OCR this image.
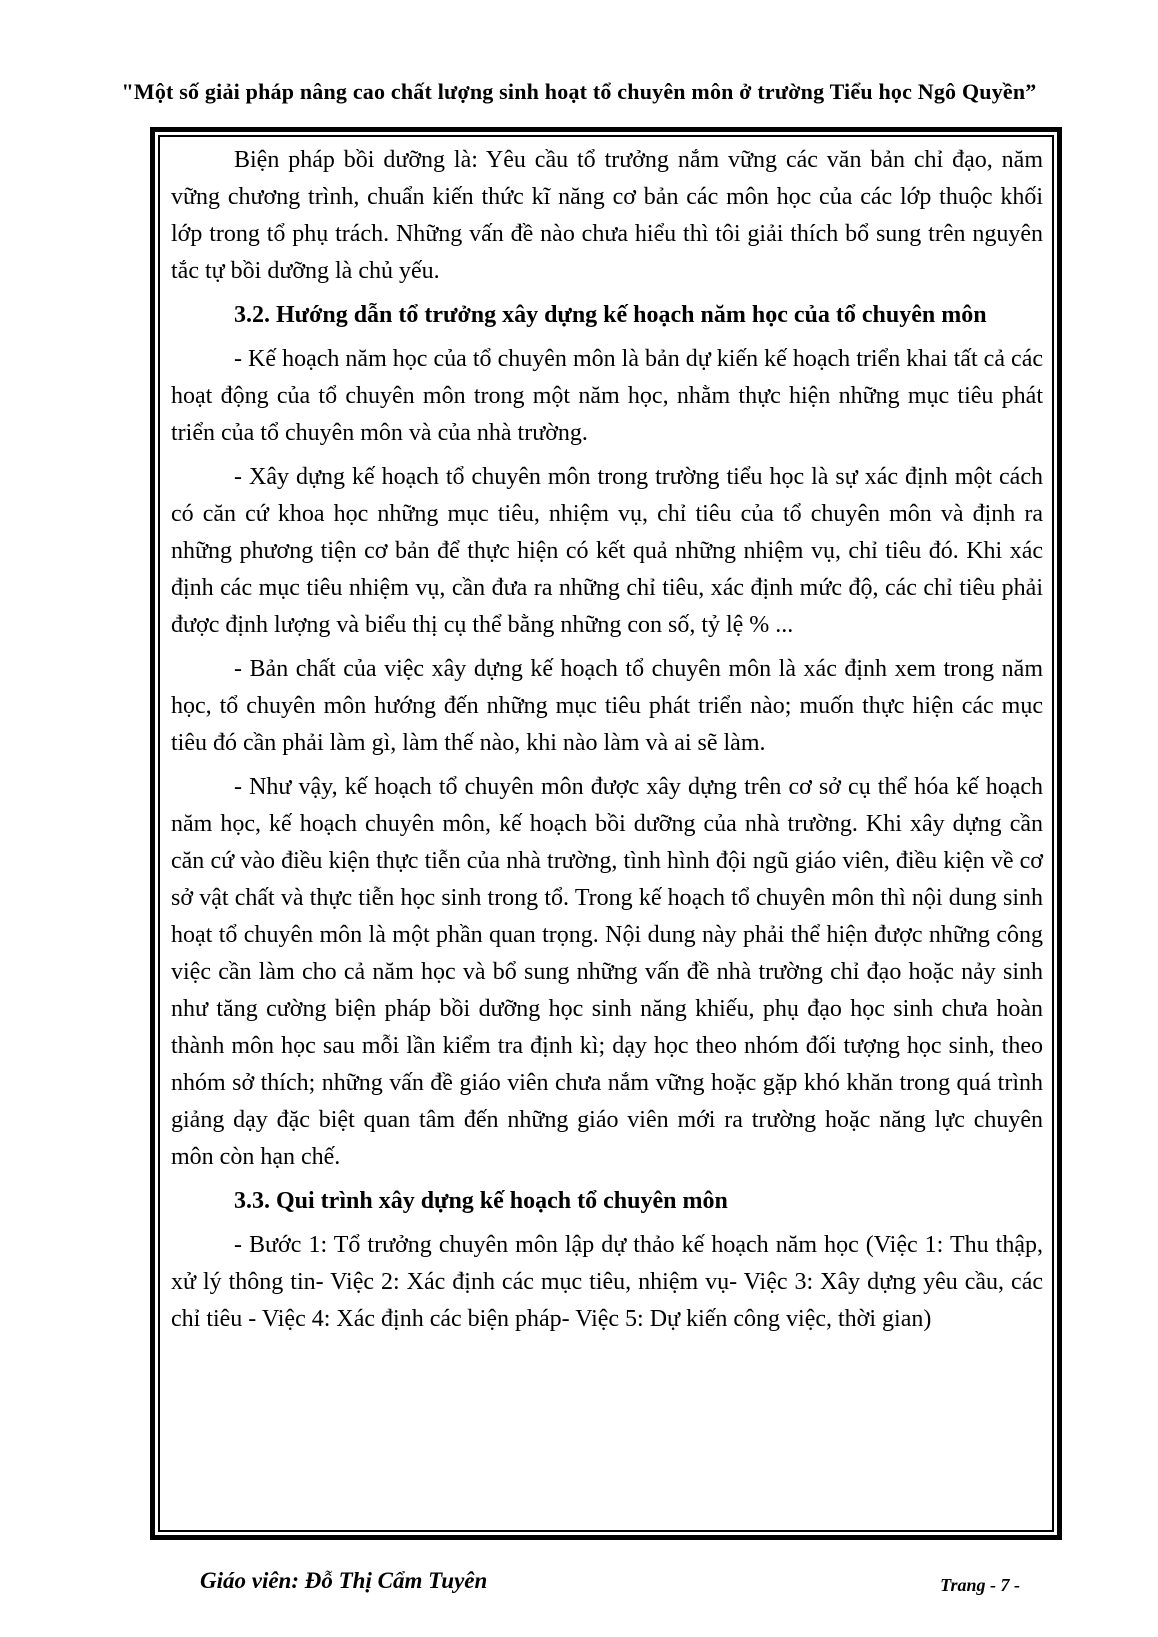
"Một số giải pháp nâng cao chất lượng sinh hoạt tổ chuyên môn ở trường Tiểu học Ngô Quyền”

Biện pháp bồi dưỡng là: Yêu cầu tổ trưởng nắm vững các văn bản chỉ đạo, năm vững chương trình, chuẩn kiến thức kĩ năng cơ bản các môn học của các lớp thuộc khối lớp trong tổ phụ trách. Những vấn đề nào chưa hiểu thì tôi giải thích bổ sung trên nguyên tắc tự bồi dưỡng là chủ yếu.

3.2. Hướng dẫn tổ trưởng xây dựng kế hoạch năm học của tổ chuyên môn

- Kế hoạch năm học của tổ chuyên môn là bản dự kiến kế hoạch triển khai tất cả các hoạt động của tổ chuyên môn trong một năm học, nhằm thực hiện những mục tiêu phát triển của tổ chuyên môn và của nhà trường.

- Xây dựng kế hoạch tổ chuyên môn trong trường tiểu học là sự xác định một cách có căn cứ khoa học những mục tiêu, nhiệm vụ, chỉ tiêu của tổ chuyên môn và định ra những phương tiện cơ bản để thực hiện có kết quả những nhiệm vụ, chỉ tiêu đó. Khi xác định các mục tiêu nhiệm vụ, cần đưa ra những chỉ tiêu, xác định mức độ, các chỉ tiêu phải được định lượng và biểu thị cụ thể bằng những con số, tỷ lệ % ...

- Bản chất của việc xây dựng kế hoạch tổ chuyên môn là xác định xem trong năm học, tổ chuyên môn hướng đến những mục tiêu phát triển nào; muốn thực hiện các mục tiêu đó cần phải làm gì, làm thế nào, khi nào làm và ai sẽ làm.

- Như vậy, kế hoạch tổ chuyên môn được xây dựng trên cơ sở cụ thể hóa kế hoạch năm học, kế hoạch chuyên môn, kế hoạch bồi dưỡng của nhà trường. Khi xây dựng cần căn cứ vào điều kiện thực tiễn của nhà trường, tình hình đội ngũ giáo viên, điều kiện về cơ sở vật chất và thực tiễn học sinh trong tổ. Trong kế hoạch tổ chuyên môn thì nội dung sinh hoạt tổ chuyên môn là một phần quan trọng. Nội dung này phải thể hiện được những công việc cần làm cho cả năm học và bổ sung những vấn đề nhà trường chỉ đạo hoặc nảy sinh như tăng cường biện pháp bồi dưỡng học sinh năng khiếu, phụ đạo học sinh chưa hoàn thành môn học sau mỗi lần kiểm tra định kì; dạy học theo nhóm đối tượng học sinh, theo nhóm sở thích; những vấn đề giáo viên chưa nắm vững hoặc gặp khó khăn trong quá trình giảng dạy đặc biệt quan tâm đến những giáo viên mới ra trường hoặc năng lực chuyên môn còn hạn chế.

3.3. Qui trình xây dựng kế hoạch tổ chuyên môn

- Bước 1: Tổ trưởng chuyên môn lập dự thảo kế hoạch năm học (Việc 1: Thu thập, xử lý thông tin- Việc 2: Xác định các mục tiêu, nhiệm vụ- Việc 3: Xây dựng yêu cầu, các chỉ tiêu - Việc 4: Xác định các biện pháp- Việc 5: Dự kiến công việc, thời gian)

Giáo viên: Đỗ Thị Cẩm Tuyên	Trang - 7 -
